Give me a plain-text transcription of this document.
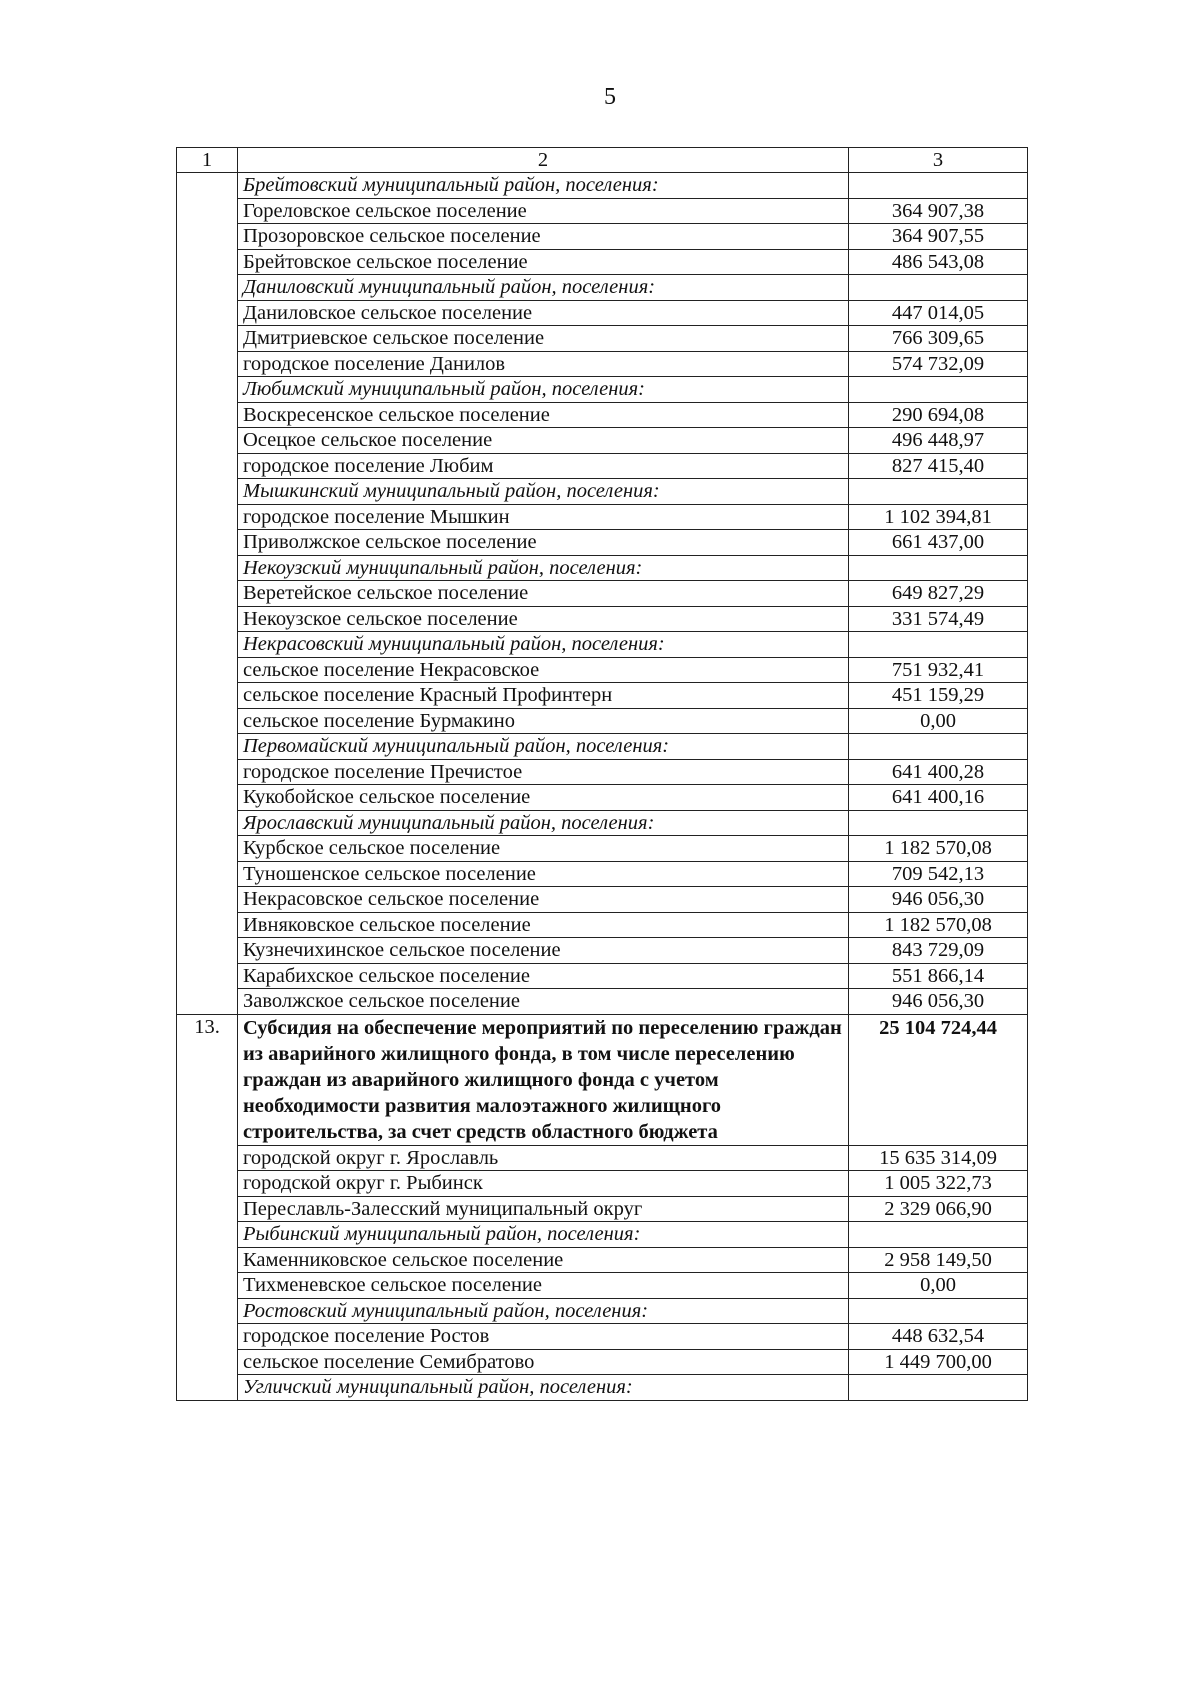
5
1	2	3
	Брейтовский муниципальный район, поселения:	
	Гореловское сельское поселение	364 907,38
	Прозоровское сельское поселение	364 907,55
	Брейтовское сельское поселение	486 543,08
	Даниловский муниципальный район, поселения:	
	Даниловское сельское поселение	447 014,05
	Дмитриевское сельское поселение	766 309,65
	городское поселение Данилов	574 732,09
	Любимский муниципальный район, поселения:	
	Воскресенское сельское поселение	290 694,08
	Осецкое сельское поселение	496 448,97
	городское поселение Любим	827 415,40
	Мышкинский муниципальный район, поселения:	
	городское поселение Мышкин	1 102 394,81
	Приволжское сельское поселение	661 437,00
	Некоузский муниципальный район, поселения:	
	Веретейское сельское поселение	649 827,29
	Некоузское сельское поселение	331 574,49
	Некрасовский муниципальный район, поселения:	
	сельское поселение Некрасовское	751 932,41
	сельское поселение Красный Профинтерн	451 159,29
	сельское поселение Бурмакино	0,00
	Первомайский муниципальный район, поселения:	
	городское поселение Пречистое	641 400,28
	Кукобойское сельское поселение	641 400,16
	Ярославский муниципальный район, поселения:	
	Курбское сельское поселение	1 182 570,08
	Туношенское сельское поселение	709 542,13
	Некрасовское сельское поселение	946 056,30
	Ивняковское сельское поселение	1 182 570,08
	Кузнечихинское сельское поселение	843 729,09
	Карабихское сельское поселение	551 866,14
	Заволжское сельское поселение	946 056,30
13.	Субсидия на обеспечение мероприятий по переселению граждан из аварийного жилищного фонда, в том числе переселению граждан из аварийного жилищного фонда с учетом необходимости развития малоэтажного жилищного строительства, за счет средств областного бюджета	25 104 724,44
	городской округ г. Ярославль	15 635 314,09
	городской округ г. Рыбинск	1 005 322,73
	Переславль-Залесский муниципальный округ	2 329 066,90
	Рыбинский муниципальный район, поселения:	
	Каменниковское сельское поселение	2 958 149,50
	Тихменевское сельское поселение	0,00
	Ростовский муниципальный район, поселения:	
	городское поселение Ростов	448 632,54
	сельское поселение Семибратово	1 449 700,00
	Угличский муниципальный район, поселения:	
